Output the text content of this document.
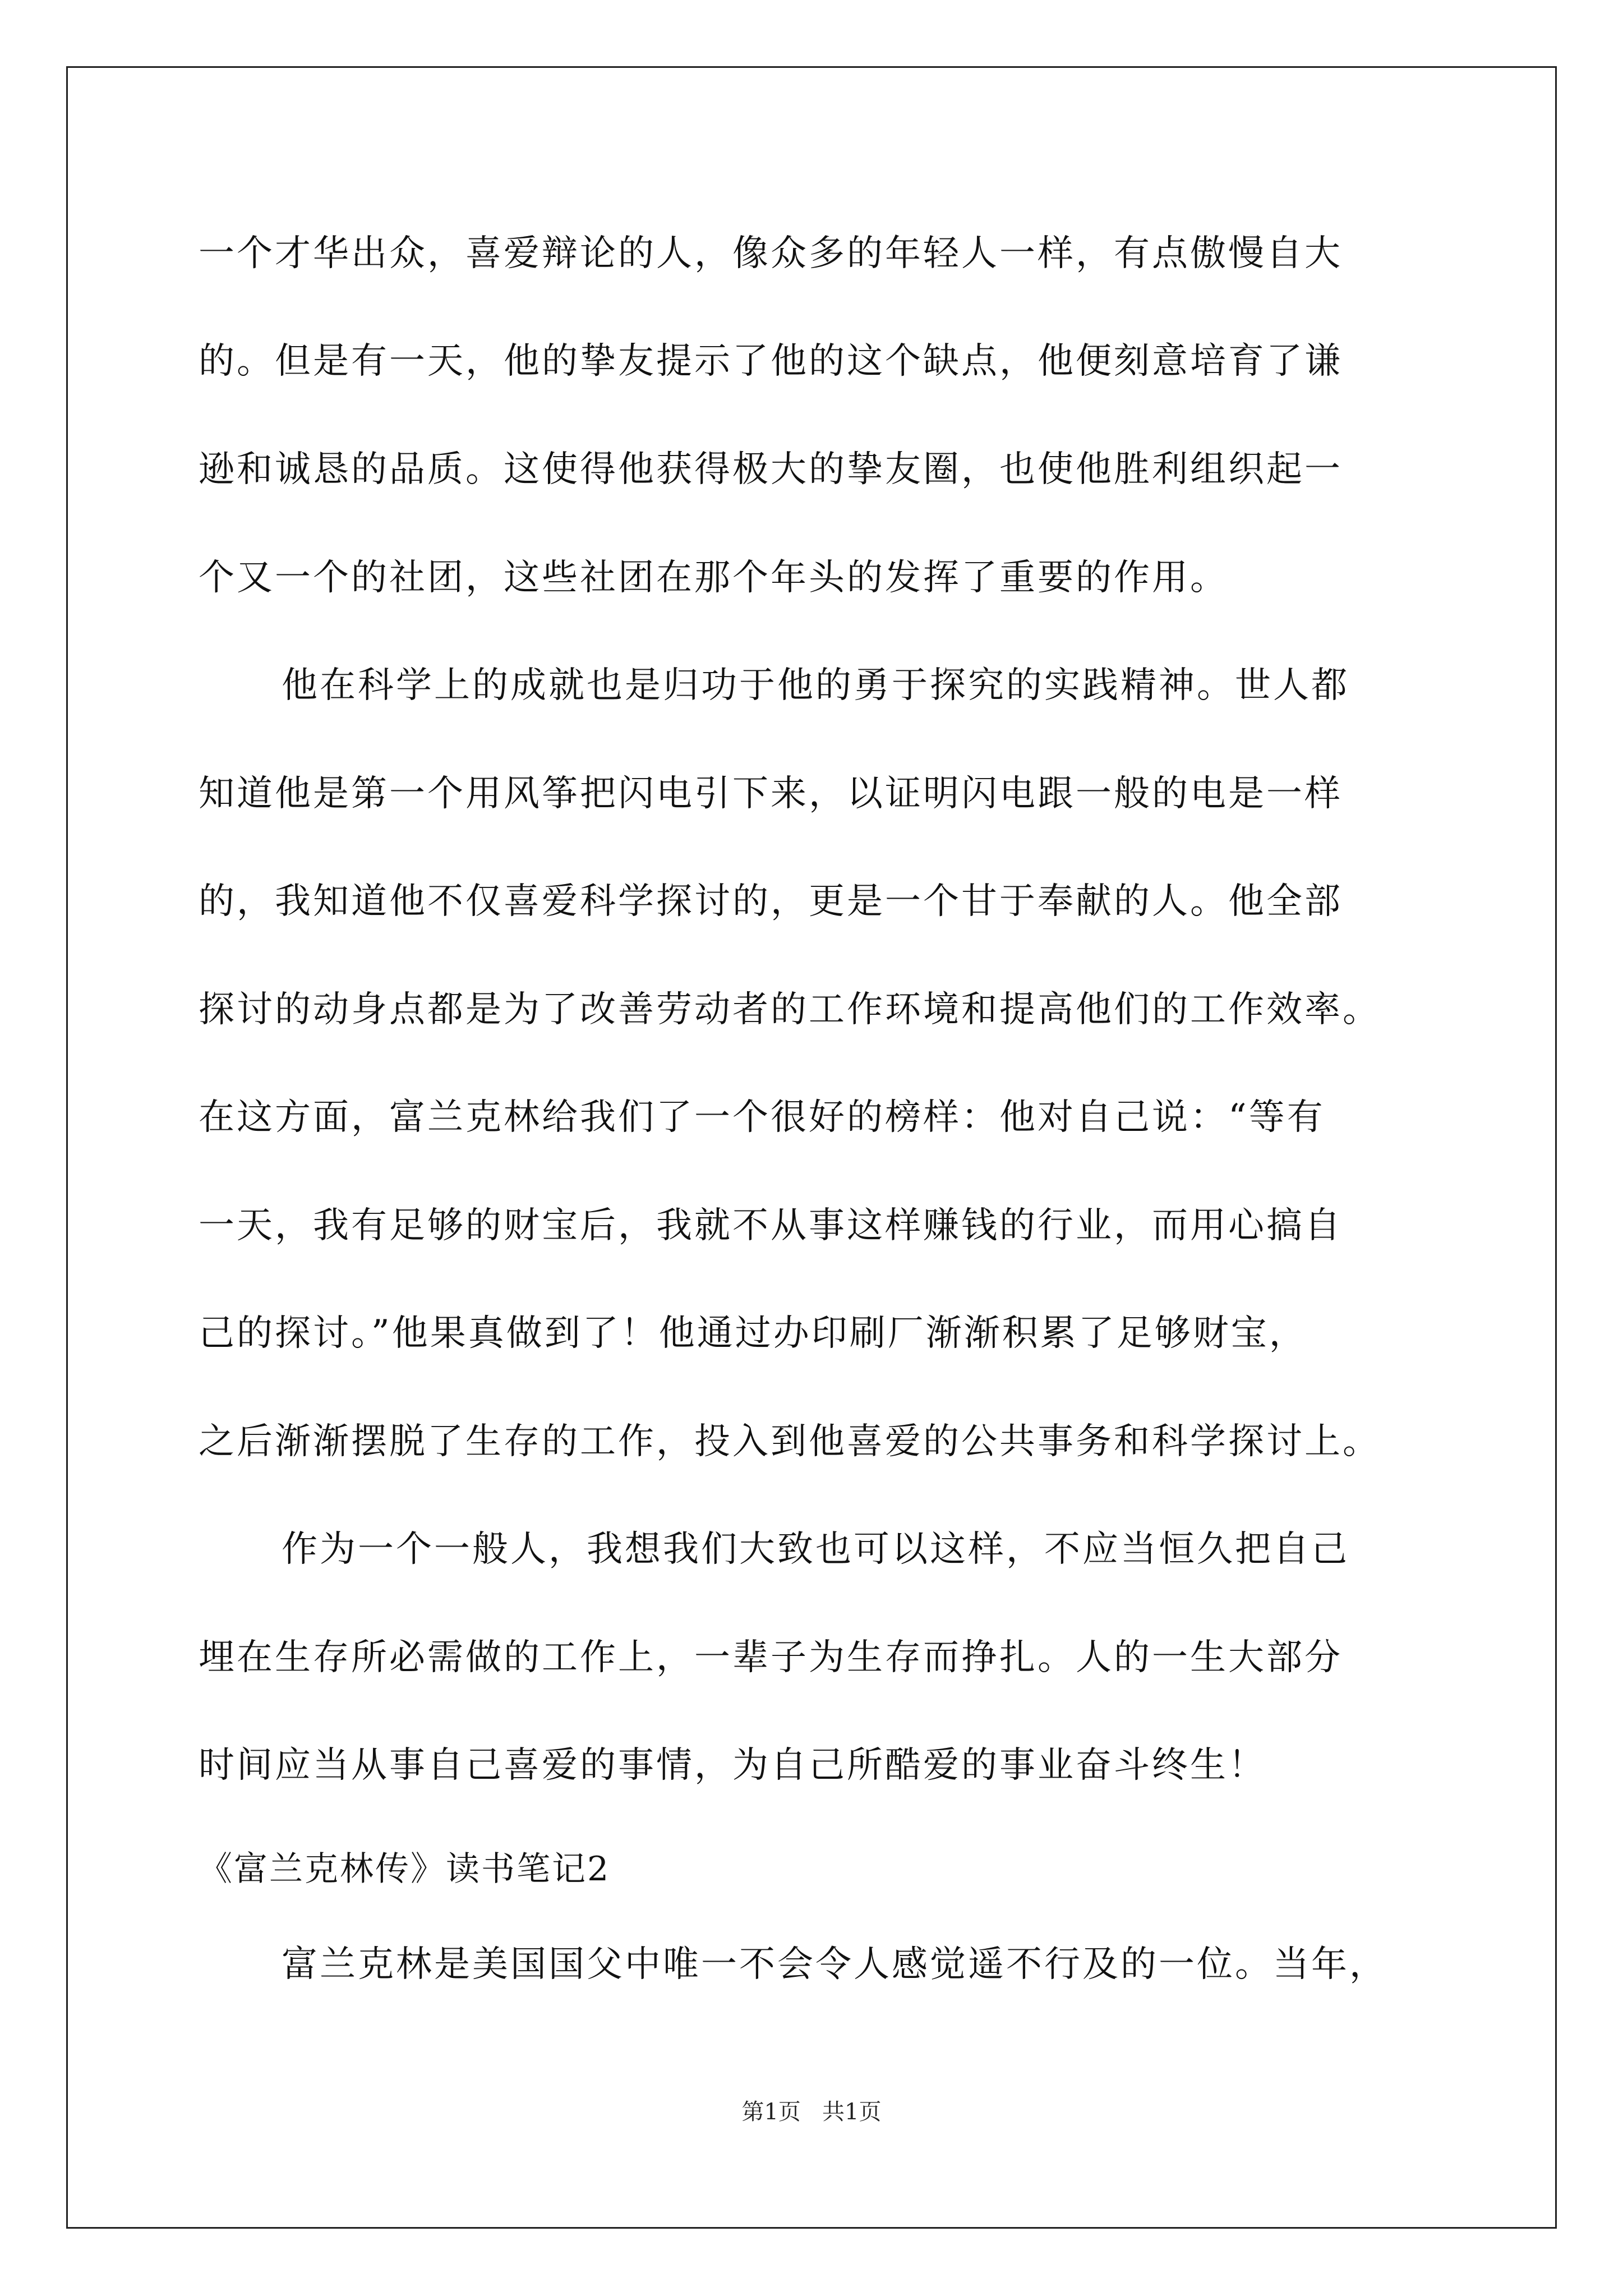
一个才华出众，喜爱辩论的人，像众多的年轻人一样，有点傲慢自大
的。但是有一天，他的挚友提示了他的这个缺点，他便刻意培育了谦
逊和诚恳的品质。这使得他获得极大的挚友圈，也使他胜利组织起一
个又一个的社团，这些社团在那个年头的发挥了重要的作用。
他在科学上的成就也是归功于他的勇于探究的实践精神。世人都
知道他是第一个用风筝把闪电引下来，以证明闪电跟一般的电是一样
的，我知道他不仅喜爱科学探讨的，更是一个甘于奉献的人。他全部
探讨的动身点都是为了改善劳动者的工作环境和提高他们的工作效率。
在这方面，富兰克林给我们了一个很好的榜样：他对自己说：“等有
一天，我有足够的财宝后，我就不从事这样赚钱的行业，而用心搞自
己的探讨。”他果真做到了！他通过办印刷厂渐渐积累了足够财宝，
之后渐渐摆脱了生存的工作，投入到他喜爱的公共事务和科学探讨上。
作为一个一般人，我想我们大致也可以这样，不应当恒久把自己
埋在生存所必需做的工作上，一辈子为生存而挣扎。人的一生大部分
时间应当从事自己喜爱的事情，为自己所酷爱的事业奋斗终生！
《富兰克林传》读书笔记2
富兰克林是美国国父中唯一不会令人感觉遥不行及的一位。当年，
第1页   共1页
